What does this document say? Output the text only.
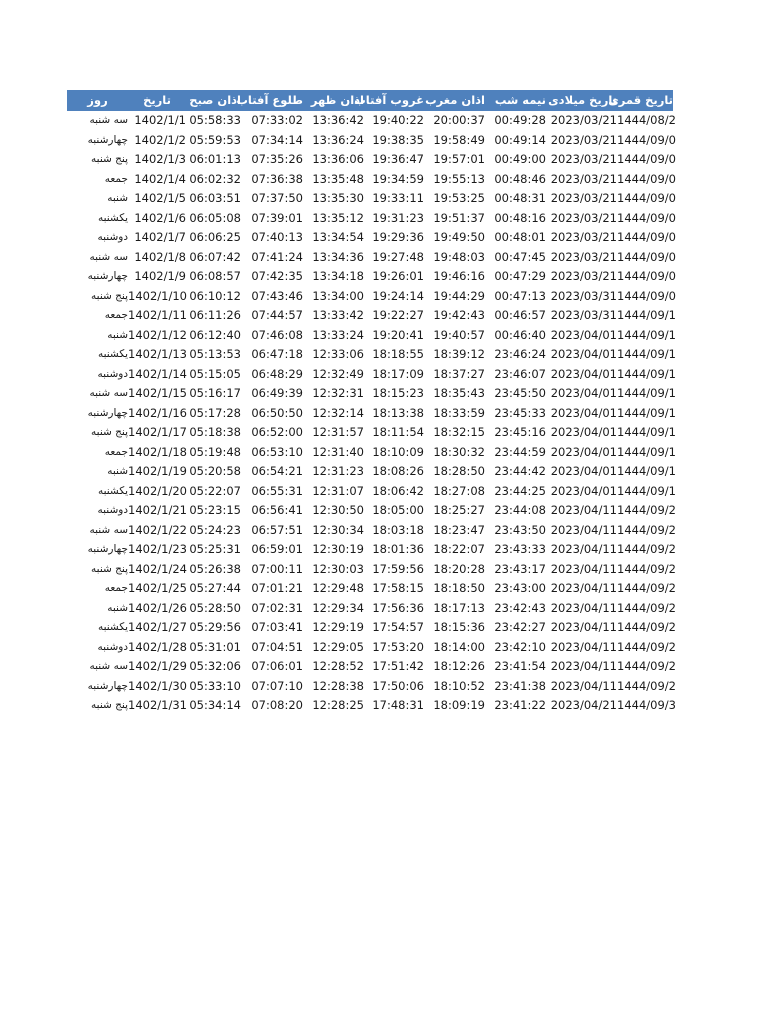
روز	تاریخ	اذان صبح
طلوع آفتاب اذان ظهر
غروب آفتاب اذان مغرب نیمه شب تاریخ میلادی
تاریخ قمری
سه شنبه 1402/1/1 05:58:33 07:33:02 13:36:42 19:40:22 20:00:37 00:49:28 2023/03/21 1444/08/2
چهارشنبه 1402/1/2 05:59:53 07:34:14 13:36:24 19:38:35 19:58:49 00:49:14 2023/03/21 1444/09/0
پنج شنبه 1402/1/3 06:01:13 07:35:26 13:36:06 19:36:47 19:57:01 00:49:00 2023/03/21 1444/09/0
جمعه 1402/1/4 06:02:32 07:36:38 13:35:48 19:34:59 19:55:13 00:48:46 2023/03/21 1444/09/0
شنبه 1402/1/5 06:03:51 07:37:50 13:35:30 19:33:11 19:53:25 00:48:31 2023/03/21 1444/09/0
یکشنبه 1402/1/6 06:05:08 07:39:01 13:35:12 19:31:23 19:51:37 00:48:16 2023/03/21 1444/09/0
دوشنبه 1402/1/7 06:06:25 07:40:13 13:34:54 19:29:36 19:49:50 00:48:01 2023/03/21 1444/09/0
سه شنبه 1402/1/8 06:07:42 07:41:24 13:34:36 19:27:48 19:48:03 00:47:45 2023/03/21 1444/09/0
چهارشنبه 1402/1/9 06:08:57 07:42:35 13:34:18 19:26:01 19:46:16 00:47:29 2023/03/21 1444/09/0
پنج شنبه 1402/1/10 06:10:12 07:43:46 13:34:00 19:24:14 19:44:29 00:47:13 2023/03/31 1444/09/0
جمعه 1402/1/11 06:11:26 07:44:57 13:33:42 19:22:27 19:42:43 00:46:57 2023/03/31 1444/09/1
شنبه 1402/1/12 06:12:40 07:46:08 13:33:24 19:20:41 19:40:57 00:46:40 2023/04/01 1444/09/1
یکشنبه 1402/1/13 05:13:53 06:47:18 12:33:06 18:18:55 18:39:12 23:46:24 2023/04/01 1444/09/1
دوشنبه 1402/1/14 05:15:05 06:48:29 12:32:49 18:17:09 18:37:27 23:46:07 2023/04/01 1444/09/1
سه شنبه 1402/1/15 05:16:17 06:49:39 12:32:31 18:15:23 18:35:43 23:45:50 2023/04/01 1444/09/1
چهارشنبه 1402/1/16 05:17:28 06:50:50 12:32:14 18:13:38 18:33:59 23:45:33 2023/04/01 1444/09/1
پنج شنبه 1402/1/17 05:18:38 06:52:00 12:31:57 18:11:54 18:32:15 23:45:16 2023/04/01 1444/09/1
جمعه 1402/1/18 05:19:48 06:53:10 12:31:40 18:10:09 18:30:32 23:44:59 2023/04/01 1444/09/1
شنبه 1402/1/19 05:20:58 06:54:21 12:31:23 18:08:26 18:28:50 23:44:42 2023/04/01 1444/09/1
یکشنبه 1402/1/20 05:22:07 06:55:31 12:31:07 18:06:42 18:27:08 23:44:25 2023/04/01 1444/09/1
دوشنبه 1402/1/21 05:23:15 06:56:41 12:30:50 18:05:00 18:25:27 23:44:08 2023/04/11 1444/09/2
سه شنبه 1402/1/22 05:24:23 06:57:51 12:30:34 18:03:18 18:23:47 23:43:50 2023/04/11 1444/09/2
چهارشنبه 1402/1/23 05:25:31 06:59:01 12:30:19 18:01:36 18:22:07 23:43:33 2023/04/11 1444/09/2
پنج شنبه 1402/1/24 05:26:38 07:00:11 12:30:03 17:59:56 18:20:28 23:43:17 2023/04/11 1444/09/2
جمعه 1402/1/25 05:27:44 07:01:21 12:29:48 17:58:15 18:18:50 23:43:00 2023/04/11 1444/09/2
شنبه 1402/1/26 05:28:50 07:02:31 12:29:34 17:56:36 18:17:13 23:42:43 2023/04/11 1444/09/2
یکشنبه 1402/1/27 05:29:56 07:03:41 12:29:19 17:54:57 18:15:36 23:42:27 2023/04/11 1444/09/2
دوشنبه 1402/1/28 05:31:01 07:04:51 12:29:05 17:53:20 18:14:00 23:42:10 2023/04/11 1444/09/2
سه شنبه 1402/1/29 05:32:06 07:06:01 12:28:52 17:51:42 18:12:26 23:41:54 2023/04/11 1444/09/2
چهارشنبه 1402/1/30 05:33:10 07:07:10 12:28:38 17:50:06 18:10:52 23:41:38 2023/04/11 1444/09/2
پنج شنبه 1402/1/31 05:34:14 07:08:20 12:28:25 17:48:31 18:09:19 23:41:22 2023/04/21 1444/09/3
